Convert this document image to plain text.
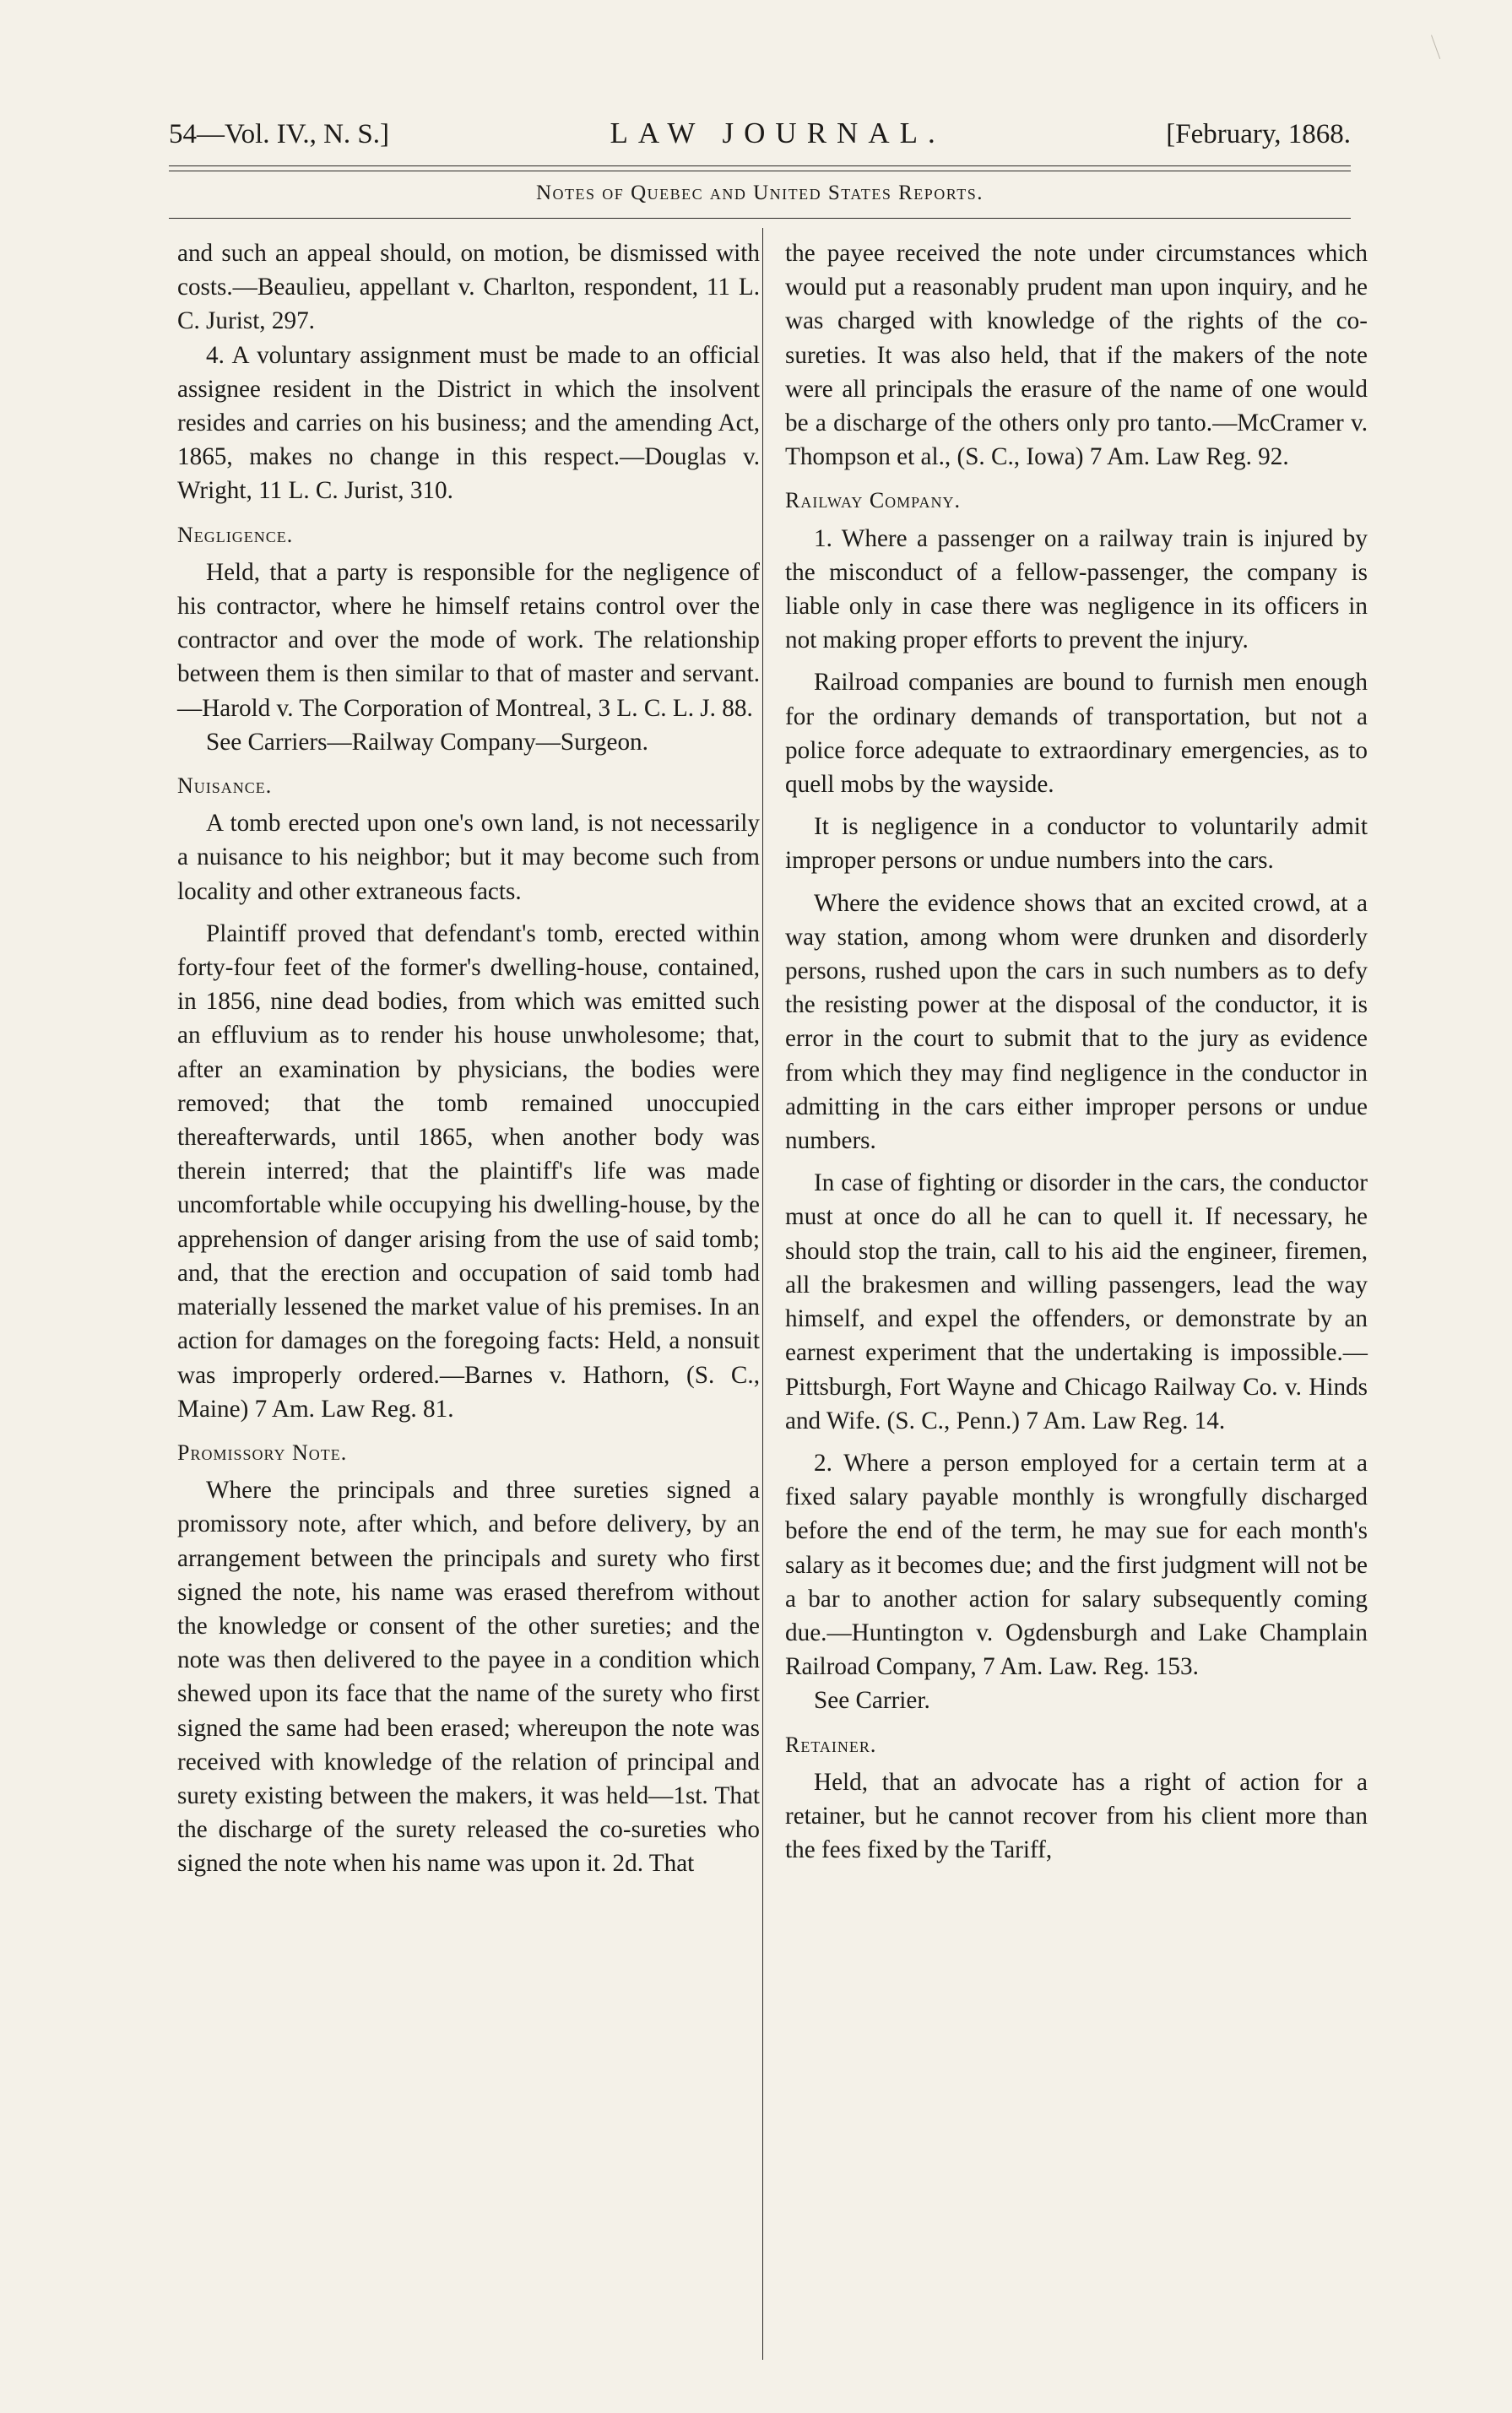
54—Vol. IV., N. S.]	LAW JOURNAL.	[February, 1868.
Notes of Quebec and United States Reports.

and such an appeal should, on motion, be dismissed with costs.—Beaulieu, appellant v. Charlton, respondent, 11 L. C. Jurist, 297.

4. A voluntary assignment must be made to an official assignee resident in the District in which the insolvent resides and carries on his business; and the amending Act, 1865, makes no change in this respect.—Douglas v. Wright, 11 L. C. Jurist, 310.

Negligence.

Held, that a party is responsible for the negligence of his contractor, where he himself retains control over the contractor and over the mode of work. The relationship between them is then similar to that of master and servant.—Harold v. The Corporation of Montreal, 3 L. C. L. J. 88.

See Carriers—Railway Company—Surgeon.

Nuisance.

A tomb erected upon one's own land, is not necessarily a nuisance to his neighbor; but it may become such from locality and other extraneous facts.

Plaintiff proved that defendant's tomb, erected within forty-four feet of the former's dwelling-house, contained, in 1856, nine dead bodies, from which was emitted such an effluvium as to render his house unwholesome; that, after an examination by physicians, the bodies were removed; that the tomb remained unoccupied thereafterwards, until 1865, when another body was therein interred; that the plaintiff's life was made uncomfortable while occupying his dwelling-house, by the apprehension of danger arising from the use of said tomb; and, that the erection and occupation of said tomb had materially lessened the market value of his premises. In an action for damages on the foregoing facts: Held, a nonsuit was improperly ordered.—Barnes v. Hathorn, (S. C., Maine) 7 Am. Law Reg. 81.

Promissory Note.

Where the principals and three sureties signed a promissory note, after which, and before delivery, by an arrangement between the principals and surety who first signed the note, his name was erased therefrom without the knowledge or consent of the other sureties; and the note was then delivered to the payee in a condition which shewed upon its face that the name of the surety who first signed the same had been erased; whereupon the note was received with knowledge of the relation of principal and surety existing between the makers, it was held—1st. That the discharge of the surety released the co-sureties who signed the note when his name was upon it. 2d. That

the payee received the note under circumstances which would put a reasonably prudent man upon inquiry, and he was charged with knowledge of the rights of the co-sureties. It was also held, that if the makers of the note were all principals the erasure of the name of one would be a discharge of the others only pro tanto.—McCramer v. Thompson et al., (S. C., Iowa) 7 Am. Law Reg. 92.

Railway Company.

1. Where a passenger on a railway train is injured by the misconduct of a fellow-passenger, the company is liable only in case there was negligence in its officers in not making proper efforts to prevent the injury.

Railroad companies are bound to furnish men enough for the ordinary demands of transportation, but not a police force adequate to extraordinary emergencies, as to quell mobs by the wayside.

It is negligence in a conductor to voluntarily admit improper persons or undue numbers into the cars.

Where the evidence shows that an excited crowd, at a way station, among whom were drunken and disorderly persons, rushed upon the cars in such numbers as to defy the resisting power at the disposal of the conductor, it is error in the court to submit that to the jury as evidence from which they may find negligence in the conductor in admitting in the cars either improper persons or undue numbers.

In case of fighting or disorder in the cars, the conductor must at once do all he can to quell it. If necessary, he should stop the train, call to his aid the engineer, firemen, all the brakesmen and willing passengers, lead the way himself, and expel the offenders, or demonstrate by an earnest experiment that the undertaking is impossible.—Pittsburgh, Fort Wayne and Chicago Railway Co. v. Hinds and Wife. (S. C., Penn.) 7 Am. Law Reg. 14.

2. Where a person employed for a certain term at a fixed salary payable monthly is wrongfully discharged before the end of the term, he may sue for each month's salary as it becomes due; and the first judgment will not be a bar to another action for salary subsequently coming due.—Huntington v. Ogdensburgh and Lake Champlain Railroad Company, 7 Am. Law. Reg. 153.

See Carrier.

Retainer.

Held, that an advocate has a right of action for a retainer, but he cannot recover from his client more than the fees fixed by the Tariff,
